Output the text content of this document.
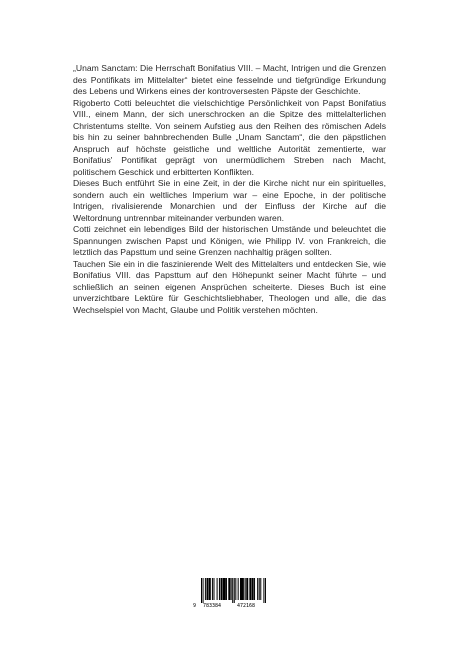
„Unam Sanctam: Die Herrschaft Bonifatius VIII. – Macht, Intrigen und die Grenzen des Pontifikats im Mittelalter“ bietet eine fesselnde und tiefgründige Erkundung des Lebens und Wirkens eines der kontroversesten Päpste der Geschichte.

Rigoberto Cotti beleuchtet die vielschichtige Persönlichkeit von Papst Bonifatius VIII., einem Mann, der sich unerschrocken an die Spitze des mittelalterlichen Christentums stellte. Von seinem Aufstieg aus den Reihen des römischen Adels bis hin zu seiner bahnbrechenden Bulle „Unam Sanctam“, die den päpstlichen Anspruch auf höchste geistliche und weltliche Autorität zementierte, war Bonifatius' Pontifikat geprägt von unermüdlichem Streben nach Macht, politischem Geschick und erbitterten Konflikten.

Dieses Buch entführt Sie in eine Zeit, in der die Kirche nicht nur ein spirituelles, sondern auch ein weltliches Imperium war – eine Epoche, in der politische Intrigen, rivalisierende Monarchien und der Einfluss der Kirche auf die Weltordnung untrennbar miteinander verbunden waren.

Cotti zeichnet ein lebendiges Bild der historischen Umstände und beleuchtet die Spannungen zwischen Papst und Königen, wie Philipp IV. von Frankreich, die letztlich das Papsttum und seine Grenzen nachhaltig prägen sollten.

Tauchen Sie ein in die faszinierende Welt des Mittelalters und entdecken Sie, wie Bonifatius VIII. das Papsttum auf den Höhepunkt seiner Macht führte – und schließlich an seinen eigenen Ansprüchen scheiterte. Dieses Buch ist eine unverzichtbare Lektüre für Geschichtsliebhaber, Theologen und alle, die das Wechselspiel von Macht, Glaube und Politik verstehen möchten.

9 783384	472168
